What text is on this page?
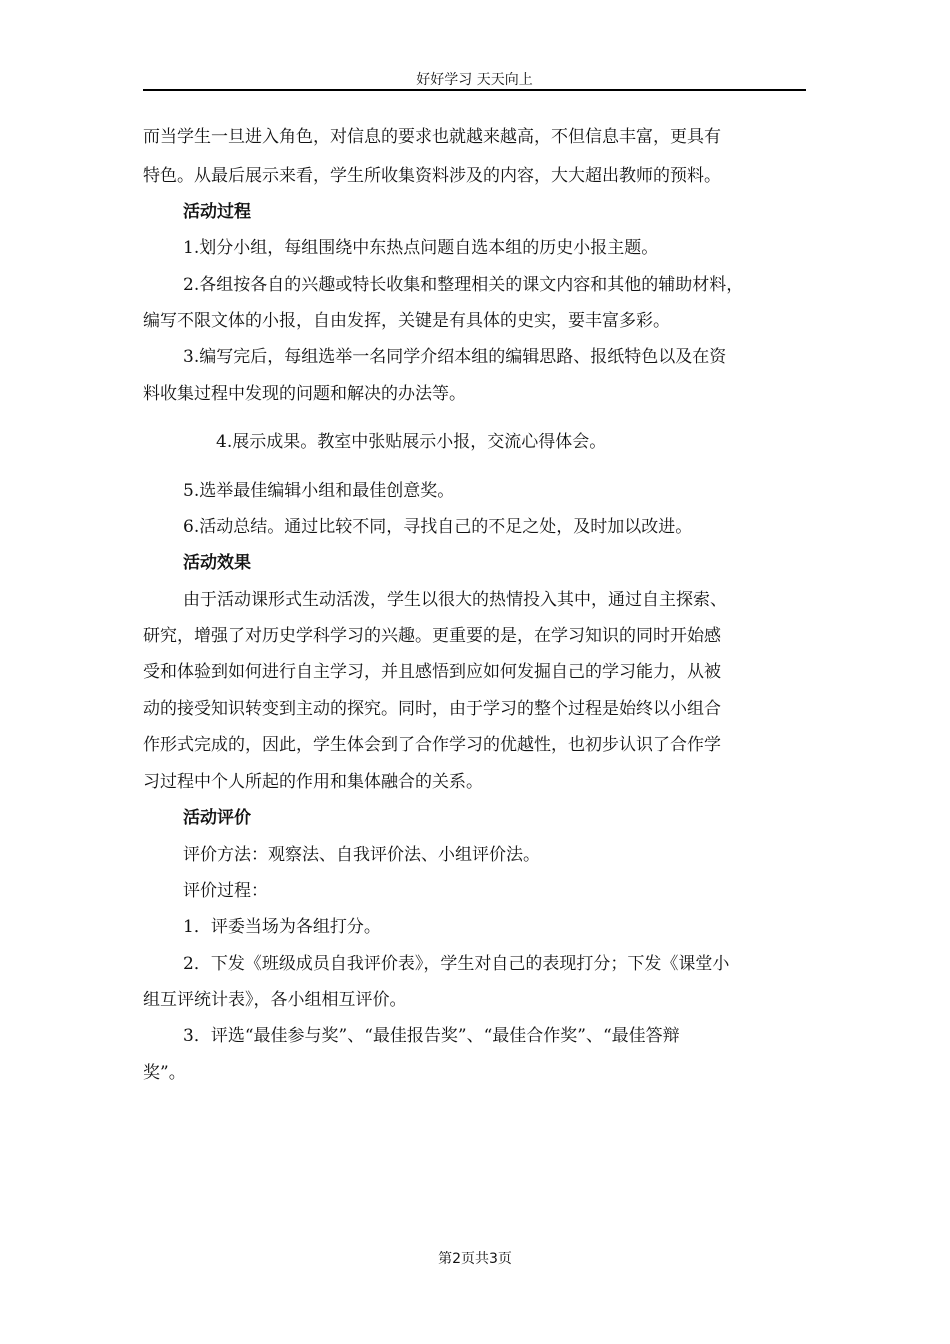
好好学习 天天向上
而当学生一旦进入角色，对信息的要求也就越来越高，不但信息丰富，更具有
特色。从最后展示来看，学生所收集资料涉及的内容，大大超出教师的预料。
活动过程
1.划分小组，每组围绕中东热点问题自选本组的历史小报主题。
2.各组按各自的兴趣或特长收集和整理相关的课文内容和其他的辅助材料，
编写不限文体的小报，自由发挥，关键是有具体的史实，要丰富多彩。
3.编写完后，每组选举一名同学介绍本组的编辑思路、报纸特色以及在资
料收集过程中发现的问题和解决的办法等。
4.展示成果。教室中张贴展示小报，交流心得体会。
5.选举最佳编辑小组和最佳创意奖。
6.活动总结。通过比较不同，寻找自己的不足之处，及时加以改进。
活动效果
由于活动课形式生动活泼，学生以很大的热情投入其中，通过自主探索、
研究，增强了对历史学科学习的兴趣。更重要的是，在学习知识的同时开始感
受和体验到如何进行自主学习，并且感悟到应如何发掘自己的学习能力，从被
动的接受知识转变到主动的探究。同时，由于学习的整个过程是始终以小组合
作形式完成的，因此，学生体会到了合作学习的优越性，也初步认识了合作学
习过程中个人所起的作用和集体融合的关系。
活动评价
评价方法：观察法、自我评价法、小组评价法。
评价过程：
1．评委当场为各组打分。
2．下发《班级成员自我评价表》，学生对自己的表现打分；下发《课堂小
组互评统计表》，各小组相互评价。
3．评选“最佳参与奖”、“最佳报告奖”、“最佳合作奖”、“最佳答辩
奖”。
第2页共3页
